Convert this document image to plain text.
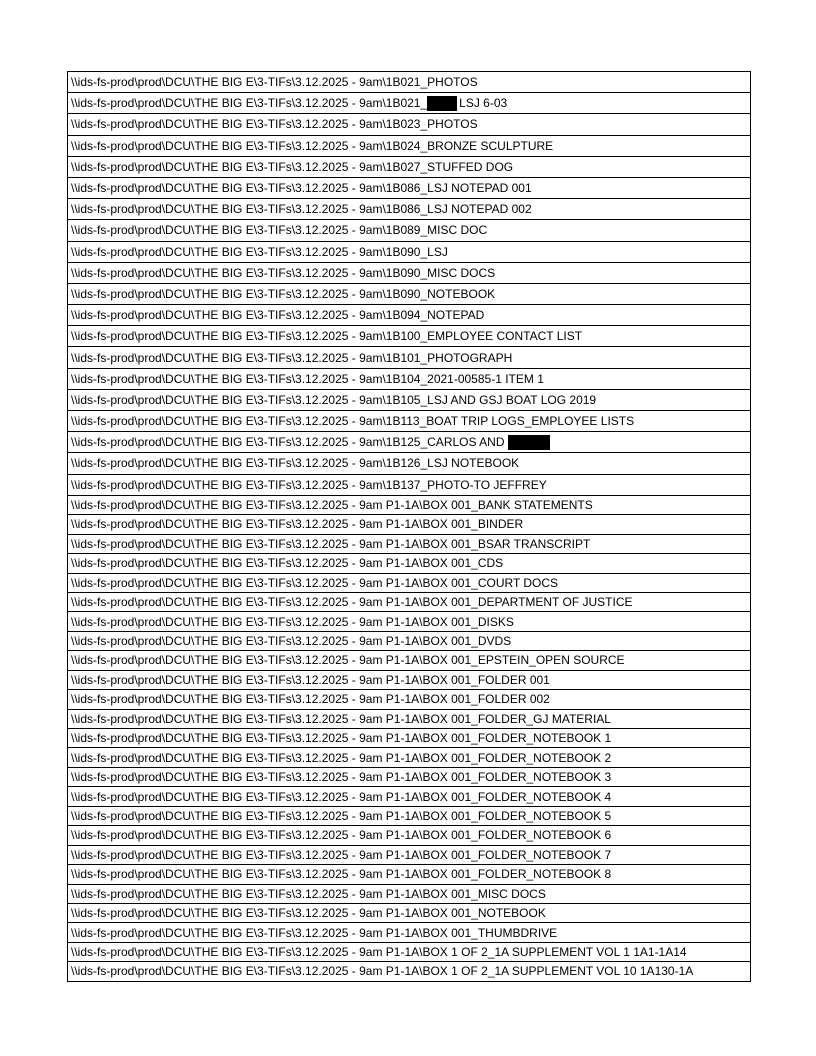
\\ids-fs-prod\prod\DCU\THE BIG E\3-TIFs\3.12.2025 - 9am\1B021_PHOTOS
\\ids-fs-prod\prod\DCU\THE BIG E\3-TIFs\3.12.2025 - 9am\1B021_	LSJ 6-03
\\ids-fs-prod\prod\DCU\THE BIG E\3-TIFs\3.12.2025 - 9am\1B023_PHOTOS
\\ids-fs-prod\prod\DCU\THE BIG E\3-TIFs\3.12.2025 - 9am\1B024_BRONZE SCULPTURE
\\ids-fs-prod\prod\DCU\THE BIG E\3-TIFs\3.12.2025 - 9am\1B027_STUFFED DOG
\\ids-fs-prod\prod\DCU\THE BIG E\3-TIFs\3.12.2025 - 9am\1B086_LSJ NOTEPAD 001
\\ids-fs-prod\prod\DCU\THE BIG E\3-TIFs\3.12.2025 - 9am\1B086_LSJ NOTEPAD 002
\\ids-fs-prod\prod\DCU\THE BIG E\3-TIFs\3.12.2025 - 9am\1B089_MISC DOC
\\ids-fs-prod\prod\DCU\THE BIG E\3-TIFs\3.12.2025 - 9am\1B090_LSJ
\\ids-fs-prod\prod\DCU\THE BIG E\3-TIFs\3.12.2025 - 9am\1B090_MISC DOCS
\\ids-fs-prod\prod\DCU\THE BIG E\3-TIFs\3.12.2025 - 9am\1B090_NOTEBOOK
\\ids-fs-prod\prod\DCU\THE BIG E\3-TIFs\3.12.2025 - 9am\1B094_NOTEPAD
\\ids-fs-prod\prod\DCU\THE BIG E\3-TIFs\3.12.2025 - 9am\1B100_EMPLOYEE CONTACT LIST
\\ids-fs-prod\prod\DCU\THE BIG E\3-TIFs\3.12.2025 - 9am\1B101_PHOTOGRAPH
\\ids-fs-prod\prod\DCU\THE BIG E\3-TIFs\3.12.2025 - 9am\1B104_2021-00585-1 ITEM 1
\\ids-fs-prod\prod\DCU\THE BIG E\3-TIFs\3.12.2025 - 9am\1B105_LSJ AND GSJ BOAT LOG 2019
\\ids-fs-prod\prod\DCU\THE BIG E\3-TIFs\3.12.2025 - 9am\1B113_BOAT TRIP LOGS_EMPLOYEE LISTS
\\ids-fs-prod\prod\DCU\THE BIG E\3-TIFs\3.12.2025 - 9am\1B125_CARLOS AND
\\ids-fs-prod\prod\DCU\THE BIG E\3-TIFs\3.12.2025 - 9am\1B126_LSJ NOTEBOOK
\\ids-fs-prod\prod\DCU\THE BIG E\3-TIFs\3.12.2025 - 9am\1B137_PHOTO-TO JEFFREY
\\ids-fs-prod\prod\DCU\THE BIG E\3-TIFs\3.12.2025 - 9am P1-1A\BOX 001_BANK STATEMENTS
\\ids-fs-prod\prod\DCU\THE BIG E\3-TIFs\3.12.2025 - 9am P1-1A\BOX 001_BINDER
\\ids-fs-prod\prod\DCU\THE BIG E\3-TIFs\3.12.2025 - 9am P1-1A\BOX 001_BSAR TRANSCRIPT
\\ids-fs-prod\prod\DCU\THE BIG E\3-TIFs\3.12.2025 - 9am P1-1A\BOX 001_CDS
\\ids-fs-prod\prod\DCU\THE BIG E\3-TIFs\3.12.2025 - 9am P1-1A\BOX 001_COURT DOCS
\\ids-fs-prod\prod\DCU\THE BIG E\3-TIFs\3.12.2025 - 9am P1-1A\BOX 001_DEPARTMENT OF JUSTICE
\\ids-fs-prod\prod\DCU\THE BIG E\3-TIFs\3.12.2025 - 9am P1-1A\BOX 001_DISKS
\\ids-fs-prod\prod\DCU\THE BIG E\3-TIFs\3.12.2025 - 9am P1-1A\BOX 001_DVDS
\\ids-fs-prod\prod\DCU\THE BIG E\3-TIFs\3.12.2025 - 9am P1-1A\BOX 001_EPSTEIN_OPEN SOURCE
\\ids-fs-prod\prod\DCU\THE BIG E\3-TIFs\3.12.2025 - 9am P1-1A\BOX 001_FOLDER 001
\\ids-fs-prod\prod\DCU\THE BIG E\3-TIFs\3.12.2025 - 9am P1-1A\BOX 001_FOLDER 002
\\ids-fs-prod\prod\DCU\THE BIG E\3-TIFs\3.12.2025 - 9am P1-1A\BOX 001_FOLDER_GJ MATERIAL
\\ids-fs-prod\prod\DCU\THE BIG E\3-TIFs\3.12.2025 - 9am P1-1A\BOX 001_FOLDER_NOTEBOOK 1
\\ids-fs-prod\prod\DCU\THE BIG E\3-TIFs\3.12.2025 - 9am P1-1A\BOX 001_FOLDER_NOTEBOOK 2
\\ids-fs-prod\prod\DCU\THE BIG E\3-TIFs\3.12.2025 - 9am P1-1A\BOX 001_FOLDER_NOTEBOOK 3
\\ids-fs-prod\prod\DCU\THE BIG E\3-TIFs\3.12.2025 - 9am P1-1A\BOX 001_FOLDER_NOTEBOOK 4
\\ids-fs-prod\prod\DCU\THE BIG E\3-TIFs\3.12.2025 - 9am P1-1A\BOX 001_FOLDER_NOTEBOOK 5
\\ids-fs-prod\prod\DCU\THE BIG E\3-TIFs\3.12.2025 - 9am P1-1A\BOX 001_FOLDER_NOTEBOOK 6
\\ids-fs-prod\prod\DCU\THE BIG E\3-TIFs\3.12.2025 - 9am P1-1A\BOX 001_FOLDER_NOTEBOOK 7
\\ids-fs-prod\prod\DCU\THE BIG E\3-TIFs\3.12.2025 - 9am P1-1A\BOX 001_FOLDER_NOTEBOOK 8
\\ids-fs-prod\prod\DCU\THE BIG E\3-TIFs\3.12.2025 - 9am P1-1A\BOX 001_MISC DOCS
\\ids-fs-prod\prod\DCU\THE BIG E\3-TIFs\3.12.2025 - 9am P1-1A\BOX 001_NOTEBOOK
\\ids-fs-prod\prod\DCU\THE BIG E\3-TIFs\3.12.2025 - 9am P1-1A\BOX 001_THUMBDRIVE
\\ids-fs-prod\prod\DCU\THE BIG E\3-TIFs\3.12.2025 - 9am P1-1A\BOX 1 OF 2_1A SUPPLEMENT VOL 1 1A1-1A14
\\ids-fs-prod\prod\DCU\THE BIG E\3-TIFs\3.12.2025 - 9am P1-1A\BOX 1 OF 2_1A SUPPLEMENT VOL 10 1A130-1A
